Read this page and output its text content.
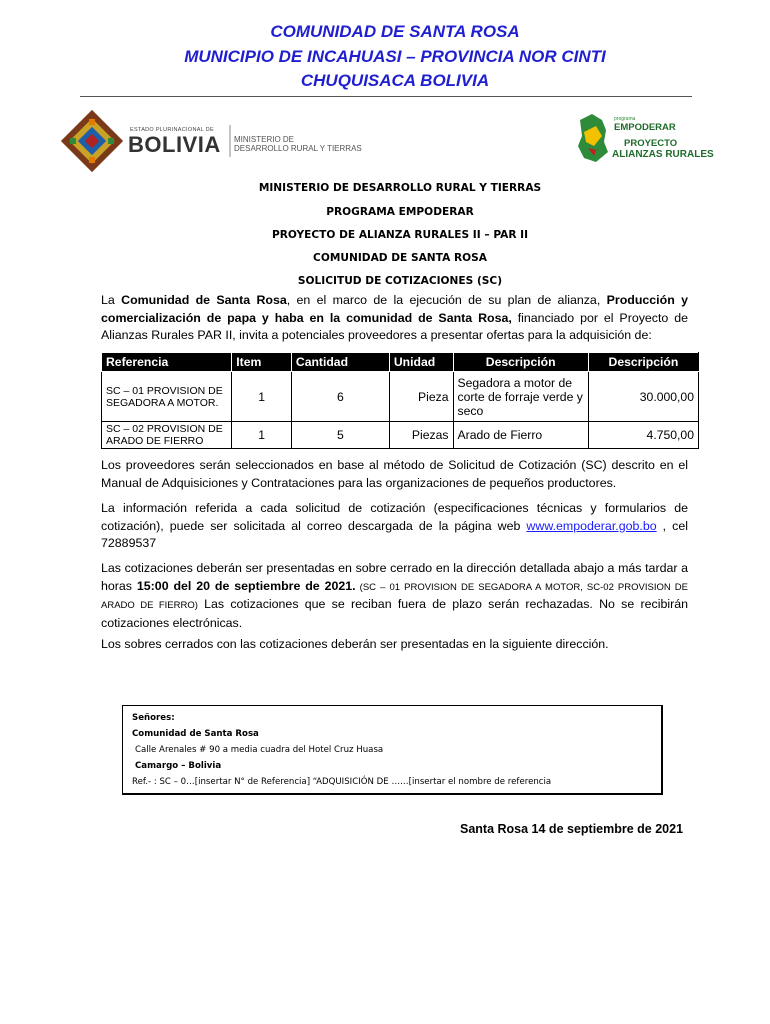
COMUNIDAD DE SANTA ROSA
MUNICIPIO DE INCAHUASI – PROVINCIA NOR CINTI
CHUQUISACA BOLIVIA
ESTADO PLURINACIONAL DE
BOLIVIA MINISTERIO DE
DESARROLLO RURAL Y TIERRAS
programa
EMPODERAR
PROYECTO
ALIANZAS RURALES
MINISTERIO DE DESARROLLO RURAL Y TIERRAS
PROGRAMA EMPODERAR
PROYECTO DE ALIANZA RURALES II – PAR II
COMUNIDAD DE SANTA ROSA
SOLICITUD DE COTIZACIONES (SC)
La Comunidad de Santa Rosa, en el marco de la ejecución de su plan de alianza, Producción y comercialización de papa y haba en la comunidad de Santa Rosa, financiado por el Proyecto de Alianzas Rurales PAR II, invita a potenciales proveedores a presentar ofertas para la adquisición de:
Referencia	Item	Cantidad	Unidad	Descripción	Descripción
SC – 01 PROVISION DE SEGADORA A MOTOR.	1	6	Pieza	Segadora a motor de corte de forraje verde y seco	30.000,00
SC – 02 PROVISION DE ARADO DE FIERRO	1	5	Piezas	Arado de Fierro	4.750,00
Los proveedores serán seleccionados en base al método de Solicitud de Cotización (SC) descrito en el Manual de Adquisiciones y Contrataciones para las organizaciones de pequeños productores.
La información referida a cada solicitud de cotización (especificaciones técnicas y formularios de cotización), puede ser solicitada al correo descargada de la página web www.empoderar.gob.bo , cel 72889537
Las cotizaciones deberán ser presentadas en sobre cerrado en la dirección detallada abajo a más tardar a horas 15:00 del 20 de septiembre de 2021. (SC – 01 PROVISION DE SEGADORA A MOTOR, SC-02 PROVISION DE ARADO DE FIERRO) Las cotizaciones que se reciban fuera de plazo serán rechazadas. No se recibirán cotizaciones electrónicas.
Los sobres cerrados con las cotizaciones deberán ser presentadas en la siguiente dirección.
Señores:
Comunidad de Santa Rosa
Calle Arenales # 90 a media cuadra del Hotel Cruz Huasa
Camargo – Bolivia
Ref.- : SC – 0…[insertar N° de Referencia] “ADQUISICIÓN DE ……[insertar el nombre de referencia
Santa Rosa 14 de septiembre de 2021
